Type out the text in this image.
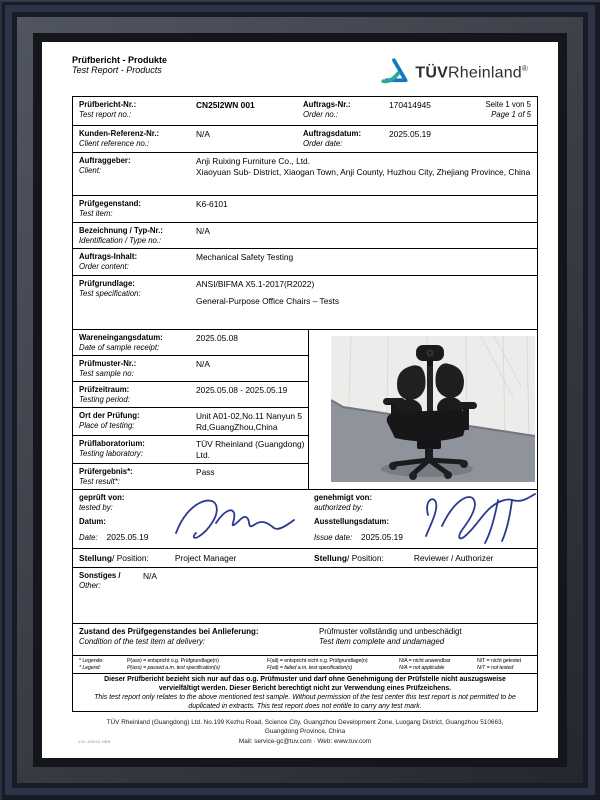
Prüfbericht - Produkte
Test Report - Products	TÜVRheinland®
Prüfbericht-Nr.:
Test report no.:
CN25I2WN 001	Auftrags-Nr.:
Order no.:
170414945	Seite 1 von 5
Page 1 of 5
Kunden-Referenz-Nr.:
Client reference no.:
N/A	Auftragsdatum:
Order date:
2025.05.19
Auftraggeber:
Client:
Anji Ruixing Furniture Co., Ltd.
Xiaoyuan Sub- District, Xiaogan Town, Anji County, Huzhou City, Zhejiang Province, China
Prüfgegenstand:
Test item:
K6-6101
Bezeichnung / Typ-Nr.:
Identification / Type no.:
N/A
Auftrags-Inhalt:
Order content:
Mechanical Safety Testing
Prüfgrundlage:
Test specification:
ANSI/BIFMA X5.1-2017(R2022)
General-Purpose Office Chairs – Tests
Wareneingangsdatum:
Date of sample receipt:
2025.05.08
Prüfmuster-Nr.:
Test sample no:
N/A
Prüfzeitraum:
Testing period:
2025.05.08 - 2025.05.19
Ort der Prüfung:
Place of testing:
Unit A01-02,No.11 Nanyun 5 Rd,GuangZhou,China
Prüflaboratorium:
Testing laboratory:
TÜV Rheinland (Guangdong) Ltd.
Prüfergebnis*:
Test result*:
Pass
geprüft von:
tested by:
Datum:
Date: 2025.05.19
genehmigt von:
authorized by:
Ausstellungsdatum:
Issue date: 2025.05.19
Stellung / Position:	Project Manager	Stellung / Position:	Reviewer / Authorizer
Sonstiges /
Other:
N/A
Zustand des Prüfgegenstandes bei Anlieferung:
Condition of the test item at delivery:
Prüfmuster vollständig und unbeschädigt
Test item complete and undamaged
* Legende:	P(ass) = entspricht o.g. Prüfgrundlage(n)	F(ail) = entspricht nicht o.g. Prüfgrundlage(n)	N/A = nicht anwendbar	N/T = nicht getestet
* Legend:	P(ass) = passed a.m. test specification(s)	F(ail) = failed a.m. test specification(s)	N/A = not applicable	N/T = not tested
Dieser Prüfbericht bezieht sich nur auf das o.g. Prüfmuster und darf ohne Genehmigung der Prüfstelle nicht auszugsweise vervielfältigt werden. Dieser Bericht berechtigt nicht zur Verwendung eines Prüfzeichens.
This test report only relates to the above mentioned test sample. Without permission of the test center this test report is not permitted to be duplicated in extracts. This test report does not entitle to carry any test mark.
TÜV Rheinland (Guangdong) Ltd. No.199 Kezhu Road, Science City, Guangzhou Development Zone, Luogang District, Guangzhou 510663,
Guangdong Province, China
Mail: service-gc@tuv.com · Web: www.tuv.com
V10.192/02.HBR
